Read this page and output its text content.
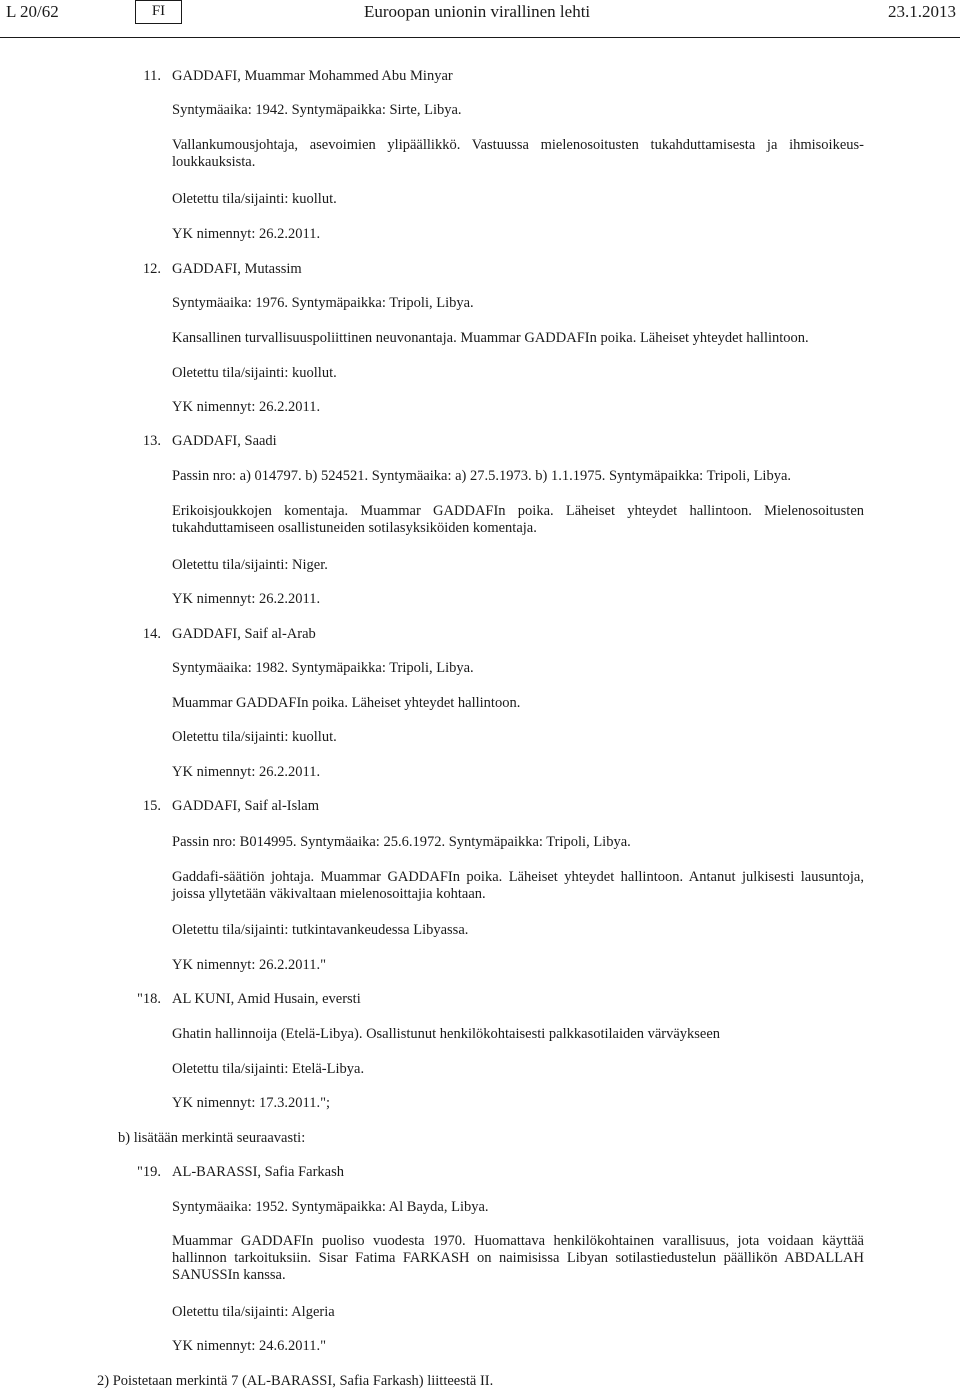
L 20/62	FI	Euroopan unionin virallinen lehti	23.1.2013
11. GADDAFI, Muammar Mohammed Abu Minyar
Syntymäaika: 1942. Syntymäpaikka: Sirte, Libya.
Vallankumousjohtaja, asevoimien ylipäällikkö. Vastuussa mielenosoitusten tukahduttamisesta ja ihmisoikeusloukkauksista.
Oletettu tila/sijainti: kuollut.
YK nimennyt: 26.2.2011.
12. GADDAFI, Mutassim
Syntymäaika: 1976. Syntymäpaikka: Tripoli, Libya.
Kansallinen turvallisuuspoliittinen neuvonantaja. Muammar GADDAFIn poika. Läheiset yhteydet hallintoon.
Oletettu tila/sijainti: kuollut.
YK nimennyt: 26.2.2011.
13. GADDAFI, Saadi
Passin nro: a) 014797. b) 524521. Syntymäaika: a) 27.5.1973. b) 1.1.1975. Syntymäpaikka: Tripoli, Libya.
Erikoisjoukkojen komentaja. Muammar GADDAFIn poika. Läheiset yhteydet hallintoon. Mielenosoitusten tukahduttamiseen osallistuneiden sotilasyksiköiden komentaja.
Oletettu tila/sijainti: Niger.
YK nimennyt: 26.2.2011.
14. GADDAFI, Saif al-Arab
Syntymäaika: 1982. Syntymäpaikka: Tripoli, Libya.
Muammar GADDAFIn poika. Läheiset yhteydet hallintoon.
Oletettu tila/sijainti: kuollut.
YK nimennyt: 26.2.2011.
15. GADDAFI, Saif al-Islam
Passin nro: B014995. Syntymäaika: 25.6.1972. Syntymäpaikka: Tripoli, Libya.
Gaddafi-säätiön johtaja. Muammar GADDAFIn poika. Läheiset yhteydet hallintoon. Antanut julkisesti lausuntoja, joissa yllytetään väkivaltaan mielenosoittajia kohtaan.
Oletettu tila/sijainti: tutkintavankeudessa Libyassa.
YK nimennyt: 26.2.2011."
"18. AL KUNI, Amid Husain, eversti
Ghatin hallinnoija (Etelä-Libya). Osallistunut henkilökohtaisesti palkkasotilaiden värväykseen
Oletettu tila/sijainti: Etelä-Libya.
YK nimennyt: 17.3.2011.";
b) lisätään merkintä seuraavasti:
"19. AL-BARASSI, Safia Farkash
Syntymäaika: 1952. Syntymäpaikka: Al Bayda, Libya.
Muammar GADDAFIn puoliso vuodesta 1970. Huomattava henkilökohtainen varallisuus, jota voidaan käyttää hallinnon tarkoituksiin. Sisar Fatima FARKASH on naimisissa Libyan sotilastiedustelun päällikön ABDALLAH SANUSSIn kanssa.
Oletettu tila/sijainti: Algeria
YK nimennyt: 24.6.2011."
2) Poistetaan merkintä 7 (AL-BARASSI, Safia Farkash) liitteestä II.
